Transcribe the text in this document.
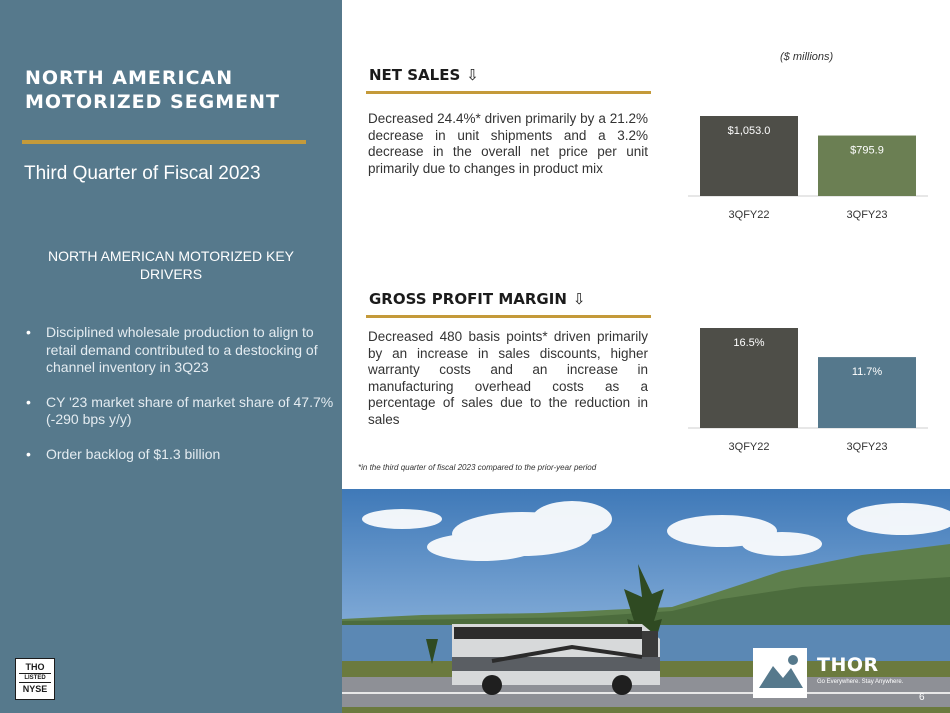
NORTH AMERICAN MOTORIZED SEGMENT
Third Quarter of Fiscal 2023
NORTH AMERICAN MOTORIZED KEY DRIVERS
• Disciplined wholesale production to align to retail demand contributed to a destocking of channel inventory in 3Q23
• CY '23 market share of market share of 47.7% (-290 bps y/y)
• Order backlog of $1.3 billion
THO
LISTED
NYSE
($ millions)
NET SALES ⇩
Decreased 24.4%* driven primarily by a 21.2% decrease in unit shipments and a 3.2% decrease in the overall net price per unit primarily due to changes in product mix
$1,053.0
3QFY22
$795.9
3QFY23
GROSS PROFIT MARGIN ⇩
Decreased 480 basis points* driven primarily by an increase in sales discounts, higher warranty costs and an increase in manufacturing overhead costs as a percentage of sales due to the reduction in sales
16.5%
3QFY22
11.7%
3QFY23
*in the third quarter of fiscal 2023 compared to the prior-year period
THOR
Go Everywhere. Stay Anywhere.
6
